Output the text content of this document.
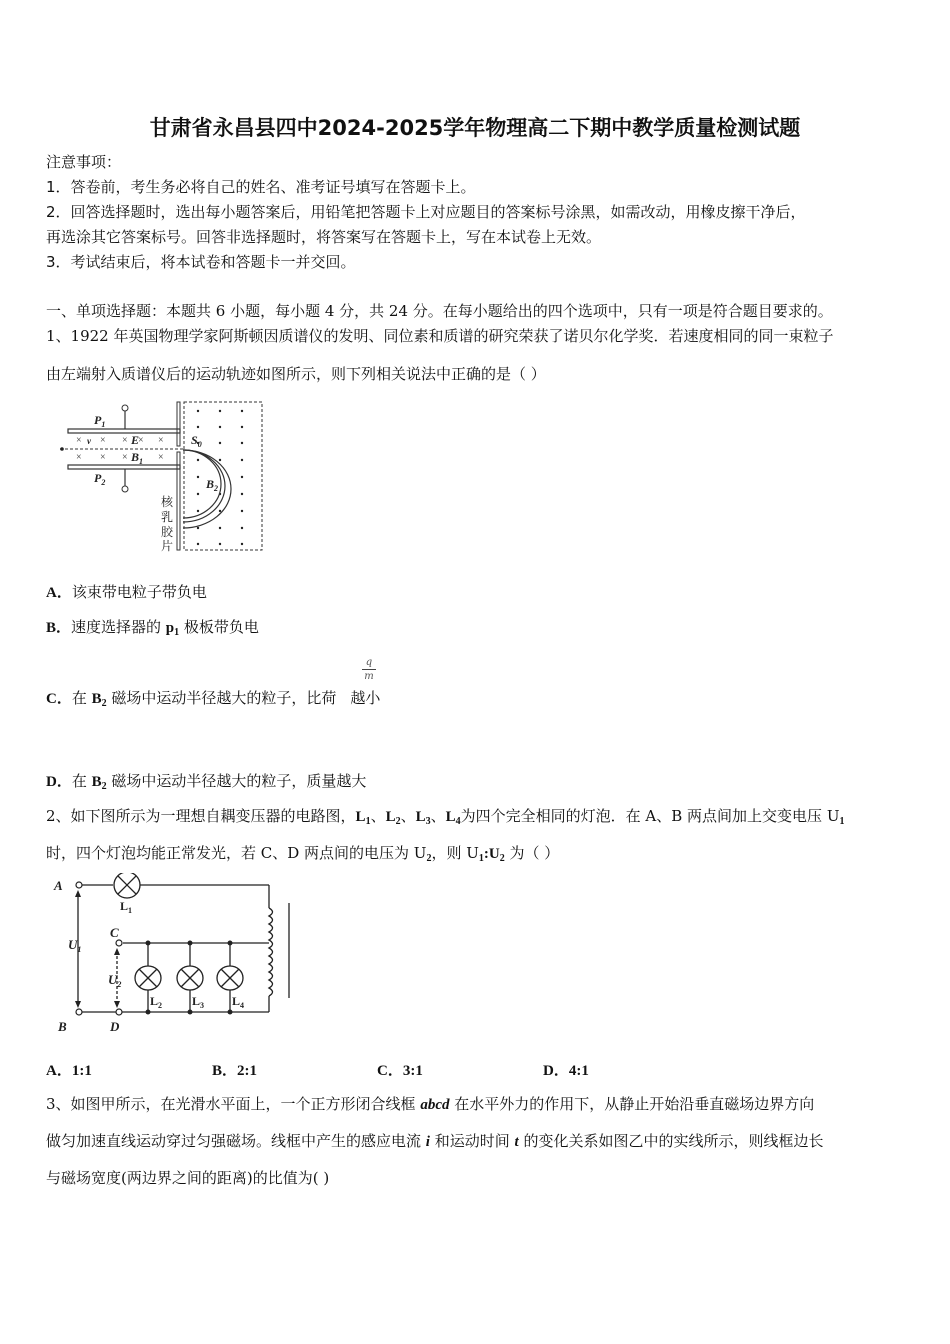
甘肃省永昌县四中2024-2025学年物理高二下期中教学质量检测试题
注意事项：
1．答卷前，考生务必将自己的姓名、准考证号填写在答题卡上。
2．回答选择题时，选出每小题答案后，用铅笔把答题卡上对应题目的答案标号涂黑，如需改动，用橡皮擦干净后，
再选涂其它答案标号。回答非选择题时，将答案写在答题卡上，写在本试卷上无效。
3．考试结束后，将本试卷和答题卡一并交回。
一、单项选择题：本题共 6 小题，每小题 4 分，共 24 分。在每小题给出的四个选项中，只有一项是符合题目要求的。
1、1922 年英国物理学家阿斯顿因质谱仪的发明、同位素和质谱的研究荣获了诺贝尔化学奖．若速度相同的同一束粒子
由左端射入质谱仪后的运动轨迹如图所示，则下列相关说法中正确的是（ ）
× × ×	×
× × ×	×
×
$P_1$
$P_2$
v	E
$B_1$
$S_0$
$B_2$
核
乳
胶
片
A．该束带电粒子带负电
B．速度选择器的 $p_1$ 极板带负电
q
m
C．在 $B_2$ 磁场中运动半径越大的粒子，比荷 越小
D．在 $B_2$ 磁场中运动半径越大的粒子，质量越大
2、如下图所示为一理想自耦变压器的电路图，$L_1$、$L_2$、$L_3$、$L_4$为四个完全相同的灯泡．在 A、B 两点间加上交变电压 $U_1$
时，四个灯泡均能正常发光，若 C、D 两点间的电压为 $U_2$，则 $U_1:U_2$ 为（ ）
A
B
C
D
$U_1$
$U_2$
$L_1$
$L_2$ $L_3$ $L_4$
A．1:1	B．2:1	C．3:1	D．4:1
3、如图甲所示，在光滑水平面上，一个正方形闭合线框 abcd 在水平外力的作用下，从静止开始沿垂直磁场边界方向
做匀加速直线运动穿过匀强磁场。线框中产生的感应电流 i 和运动时间 t 的变化关系如图乙中的实线所示，则线框边长
与磁场宽度(两边界之间的距离)的比值为( )
